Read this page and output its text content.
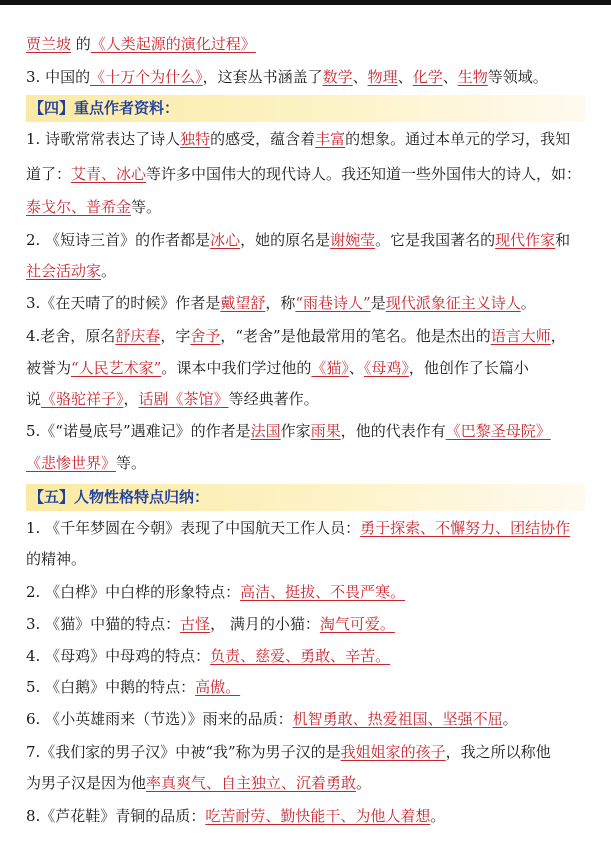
贾兰坡 的《人类起源的演化过程》
3. 中国的《十万个为什么》，这套丛书涵盖了数学、物理、化学、生物等领域。
【四】重点作者资料：
1. 诗歌常常表达了诗人独特的感受，蕴含着丰富的想象。通过本单元的学习，我知
道了：艾青、冰心等许多中国伟大的现代诗人。我还知道一些外国伟大的诗人，如：
泰戈尔、普希金等。
2. 《短诗三首》的作者都是冰心，她的原名是谢婉莹。它是我国著名的现代作家和
社会活动家。
3.《在天晴了的时候》作者是戴望舒，称“雨巷诗人”是现代派象征主义诗人。
4.老舍，原名舒庆春，字舍予，“老舍”是他最常用的笔名。他是杰出的语言大师，
被誉为“人民艺术家”。课本中我们学过他的《猫》、《母鸡》，他创作了长篇小
说《骆驼祥子》，话剧《茶馆》等经典著作。
5.《“诺曼底号”遇难记》的作者是法国作家雨果，他的代表作有《巴黎圣母院》
《悲惨世界》等。
【五】人物性格特点归纳：
1. 《千年梦圆在今朝》表现了中国航天工作人员：勇于探索、不懈努力、团结协作
的精神。
2. 《白桦》中白桦的形象特点：高洁、挺拔、不畏严寒。
3. 《猫》中猫的特点：古怪， 满月的小猫：淘气可爱。
4. 《母鸡》中母鸡的特点：负责、慈爱、勇敢、辛苦。
5. 《白鹅》中鹅的特点：高傲。
6. 《小英雄雨来（节选）》雨来的品质：机智勇敢、热爱祖国、坚强不屈。
7.《我们家的男子汉》中被“我”称为男子汉的是我姐姐家的孩子，我之所以称他
为男子汉是因为他率真爽气、自主独立、沉着勇敢。
8.《芦花鞋》青铜的品质：吃苦耐劳、勤快能干、为他人着想。
